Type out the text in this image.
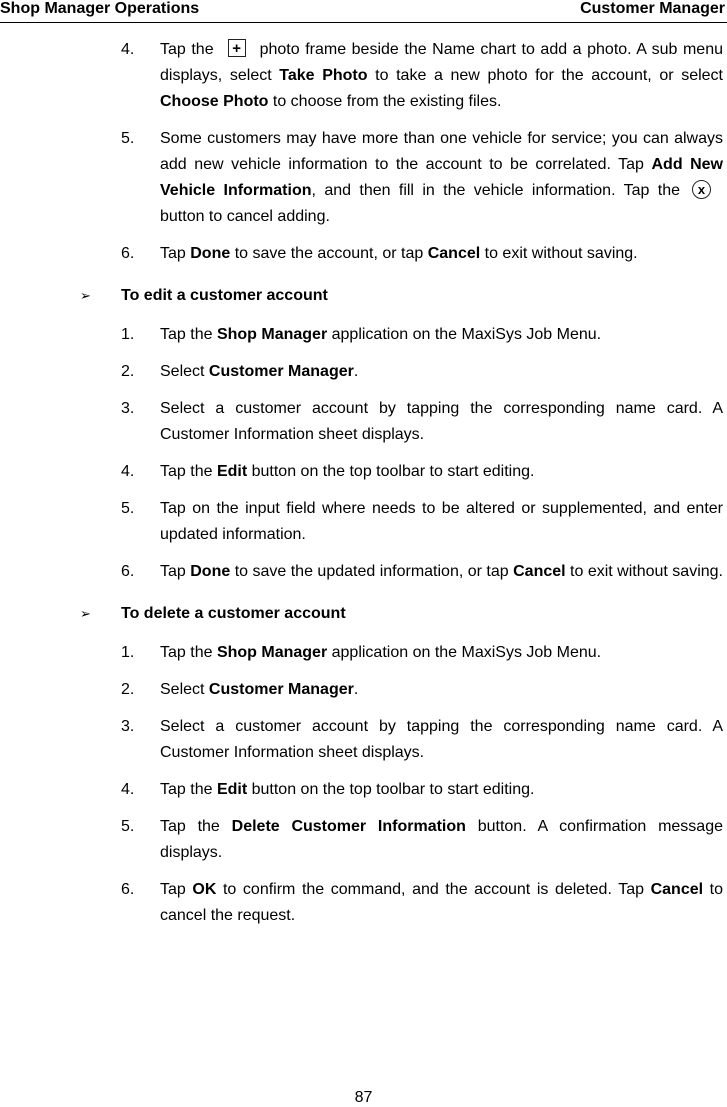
Shop Manager Operations	Customer Manager
4. Tap the + photo frame beside the Name chart to add a photo. A sub menu displays, select Take Photo to take a new photo for the account, or select Choose Photo to choose from the existing files.
5. Some customers may have more than one vehicle for service; you can always add new vehicle information to the account to be correlated. Tap Add New Vehicle Information, and then fill in the vehicle information. Tap the xbutton to cancel adding.
6. Tap Done to save the account, or tap Cancel to exit without saving.
➢ To edit a customer account
1. Tap the Shop Manager application on the MaxiSys Job Menu.
2. Select Customer Manager.
3. Select a customer account by tapping the corresponding name card. A Customer Information sheet displays.
4. Tap the Edit button on the top toolbar to start editing.
5. Tap on the input field where needs to be altered or supplemented, and enter updated information.
6. Tap Done to save the updated information, or tap Cancel to exit without saving.
➢ To delete a customer account
1. Tap the Shop Manager application on the MaxiSys Job Menu.
2. Select Customer Manager.
3. Select a customer account by tapping the corresponding name card. A Customer Information sheet displays.
4. Tap the Edit button on the top toolbar to start editing.
5. Tap the Delete Customer Information button. A confirmation message displays.
6. Tap OK to confirm the command, and the account is deleted. Tap Cancel to cancel the request.
87
